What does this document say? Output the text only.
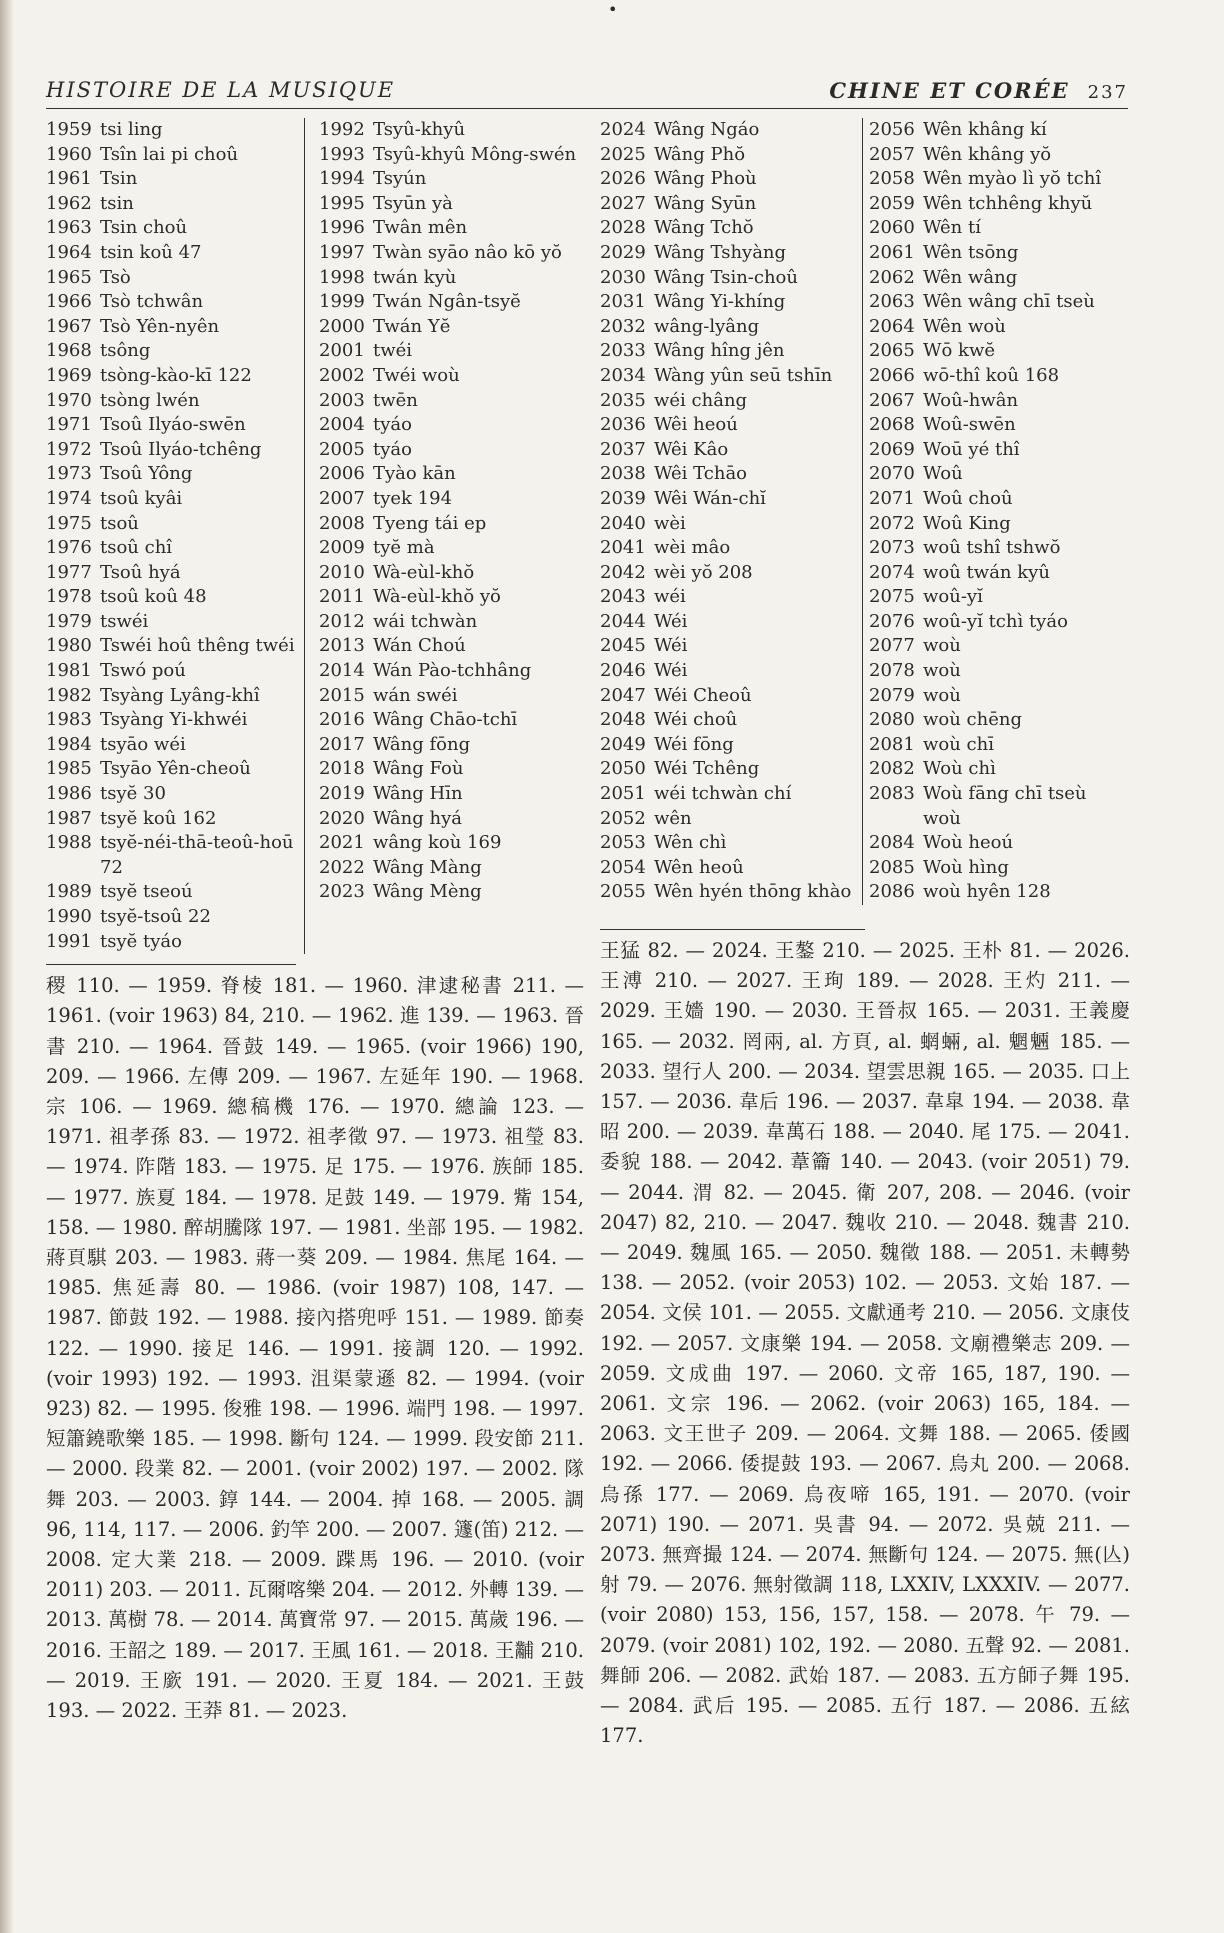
•
HISTOIRE DE LA MUSIQUE	CHINE ET CORÉE 237
1959 tsi ling
1960 Tsîn lai pi choû
1961 Tsin
1962 tsin
1963 Tsin choû
1964 tsin koû 47
1965 Tsò
1966 Tsò tchwân
1967 Tsò Yên-nyên
1968 tsông
1969 tsòng-kào-kī 122
1970 tsòng lwén
1971 Tsoû Ilyáo-swēn
1972 Tsoû Ilyáo-tchêng
1973 Tsoû Yông
1974 tsoû kyâi
1975 tsoû
1976 tsoû chî
1977 Tsoû hyá
1978 tsoû koû 48
1979 tswéi
1980 Tswéi hoû thêng twéi
1981 Tswó poú
1982 Tsyàng Lyâng-khî
1983 Tsyàng Yi-khwéi
1984 tsyāo wéi
1985 Tsyāo Yên-cheoû
1986 tsyĕ 30
1987 tsyĕ koû 162
1988 tsyĕ-néi-thā-teoû-hoū 72
1989 tsyĕ tseoú
1990 tsyĕ-tsoû 22
1991 tsyĕ tyáo
1992 Tsyû-khyû
1993 Tsyû-khyû Mông-swén
1994 Tsyún
1995 Tsyūn yà
1996 Twân mên
1997 Twàn syāo nâo kō yŏ
1998 twán kyù
1999 Twán Ngân-tsyĕ
2000 Twán Yĕ
2001 twéi
2002 Twéi woù
2003 twēn
2004 tyáo
2005 tyáo
2006 Tyào kān
2007 tyek 194
2008 Tyeng tái ep
2009 tyĕ mà
2010 Wà-eùl-khŏ
2011 Wà-eùl-khŏ yŏ
2012 wái tchwàn
2013 Wán Choú
2014 Wán Pào-tchhâng
2015 wán swéi
2016 Wâng Chāo-tchī
2017 Wâng fōng
2018 Wâng Foù
2019 Wâng Hīn
2020 Wâng hyá
2021 wâng koù 169
2022 Wâng Màng
2023 Wâng Mèng
稷 110. — 1959. 脊棱 181. — 1960. 津逮秘書 211. — 1961. (voir 1963) 84, 210. — 1962. 進 139. — 1963. 晉書 210. — 1964. 晉鼓 149. — 1965. (voir 1966) 190, 209. — 1966. 左傳 209. — 1967. 左延年 190. — 1968. 宗 106. — 1969. 總稿機 176. — 1970. 總論 123. — 1971. 祖孝孫 83. — 1972. 祖孝徵 97. — 1973. 祖瑩 83. — 1974. 阼階 183. — 1975. 足 175. — 1976. 族師 185. — 1977. 族夏 184. — 1978. 足鼓 149. — 1979. 觜 154, 158. — 1980. 醉胡騰隊 197. — 1981. 坐部 195. — 1982. 蔣頁騏 203. — 1983. 蔣一葵 209. — 1984. 焦尾 164. — 1985. 焦延壽 80. — 1986. (voir 1987) 108, 147. — 1987. 節鼓 192. — 1988. 接內搭兜呼 151. — 1989. 節奏 122. — 1990. 接足 146. — 1991. 接調 120. — 1992. (voir 1993) 192. — 1993. 沮渠蒙遜 82. — 1994. (voir 923) 82. — 1995. 俊雅 198. — 1996. 端門 198. — 1997. 短簫鐃歌樂 185. — 1998. 斷句 124. — 1999. 段安節 211. — 2000. 段業 82. — 2001. (voir 2002) 197. — 2002. 隊舞 203. — 2003. 錞 144. — 2004. 掉 168. — 2005. 調 96, 114, 117. — 2006. 釣竿 200. — 2007. 籧(笛) 212. — 2008. 定大業 218. — 2009. 蹀馬 196. — 2010. (voir 2011) 203. — 2011. 瓦爾喀樂 204. — 2012. 外轉 139. — 2013. 萬樹 78. — 2014. 萬寶常 97. — 2015. 萬歲 196. — 2016. 王韶之 189. — 2017. 王風 161. — 2018. 王黼 210. — 2019. 王廞 191. — 2020. 王夏 184. — 2021. 王鼓 193. — 2022. 王莽 81. — 2023.
2024 Wâng Ngáo
2025 Wâng Phŏ
2026 Wâng Phoù
2027 Wâng Syūn
2028 Wâng Tchŏ
2029 Wâng Tshyàng
2030 Wâng Tsin-choû
2031 Wâng Yi-khíng
2032 wâng-lyâng
2033 Wâng hîng jên
2034 Wàng yûn seū tshīn
2035 wéi châng
2036 Wêi heoú
2037 Wêi Kâo
2038 Wêi Tchāo
2039 Wêi Wán-chĭ
2040 wèi
2041 wèi mâo
2042 wèi yŏ 208
2043 wéi
2044 Wéi
2045 Wéi
2046 Wéi
2047 Wéi Cheoû
2048 Wéi choû
2049 Wéi fōng
2050 Wéi Tchêng
2051 wéi tchwàn chí
2052 wên
2053 Wên chì
2054 Wên heoû
2055 Wên hyén thōng khào
2056 Wên khâng kí
2057 Wên khâng yŏ
2058 Wên myào lì yŏ tchî
2059 Wên tchhêng khyŭ
2060 Wên tí
2061 Wên tsōng
2062 Wên wâng
2063 Wên wâng chī tseù
2064 Wên woù
2065 Wō kwĕ
2066 wō-thî koû 168
2067 Woû-hwân
2068 Woû-swēn
2069 Woū yé thî
2070 Woû
2071 Woû choû
2072 Woû King
2073 woû tshî tshwŏ
2074 woû twán kyû
2075 woû-yĭ
2076 woû-yĭ tchì tyáo
2077 woù
2078 woù
2079 woù
2080 woù chēng
2081 woù chī
2082 Woù chì
2083 Woù fāng chī tseù woù
2084 Woù heoú
2085 Woù hìng
2086 woù hyên 128
王猛 82. — 2024. 王鏊 210. — 2025. 王朴 81. — 2026. 王溥 210. — 2027. 王珣 189. — 2028. 王灼 211. — 2029. 王嬙 190. — 2030. 王晉叔 165. — 2031. 王義慶 165. — 2032. 罔兩, al. 方頁, al. 蝄蜽, al. 魍魎 185. — 2033. 望行人 200. — 2034. 望雲思親 165. — 2035. 口上 157. — 2036. 韋后 196. — 2037. 韋皐 194. — 2038. 韋昭 200. — 2039. 韋萬石 188. — 2040. 尾 175. — 2041. 委貌 188. — 2042. 葦籥 140. — 2043. (voir 2051) 79. — 2044. 渭 82. — 2045. 衛 207, 208. — 2046. (voir 2047) 82, 210. — 2047. 魏收 210. — 2048. 魏書 210. — 2049. 魏風 165. — 2050. 魏徵 188. — 2051. 未轉勢 138. — 2052. (voir 2053) 102. — 2053. 文始 187. — 2054. 文侯 101. — 2055. 文獻通考 210. — 2056. 文康伎 192. — 2057. 文康樂 194. — 2058. 文廟禮樂志 209. — 2059. 文成曲 197. — 2060. 文帝 165, 187, 190. — 2061. 文宗 196. — 2062. (voir 2063) 165, 184. — 2063. 文王世子 209. — 2064. 文舞 188. — 2065. 倭國 192. — 2066. 倭提鼓 193. — 2067. 烏丸 200. — 2068. 烏孫 177. — 2069. 烏夜啼 165, 191. — 2070. (voir 2071) 190. — 2071. 吳書 94. — 2072. 吳兢 211. — 2073. 無齊撮 124. — 2074. 無斷句 124. — 2075. 無(亾)射 79. — 2076. 無射徵調 118, LXXIV, LXXXIV. — 2077. (voir 2080) 153, 156, 157, 158. — 2078. 午 79. — 2079. (voir 2081) 102, 192. — 2080. 五聲 92. — 2081. 舞師 206. — 2082. 武始 187. — 2083. 五方師子舞 195. — 2084. 武后 195. — 2085. 五行 187. — 2086. 五絃 177.
